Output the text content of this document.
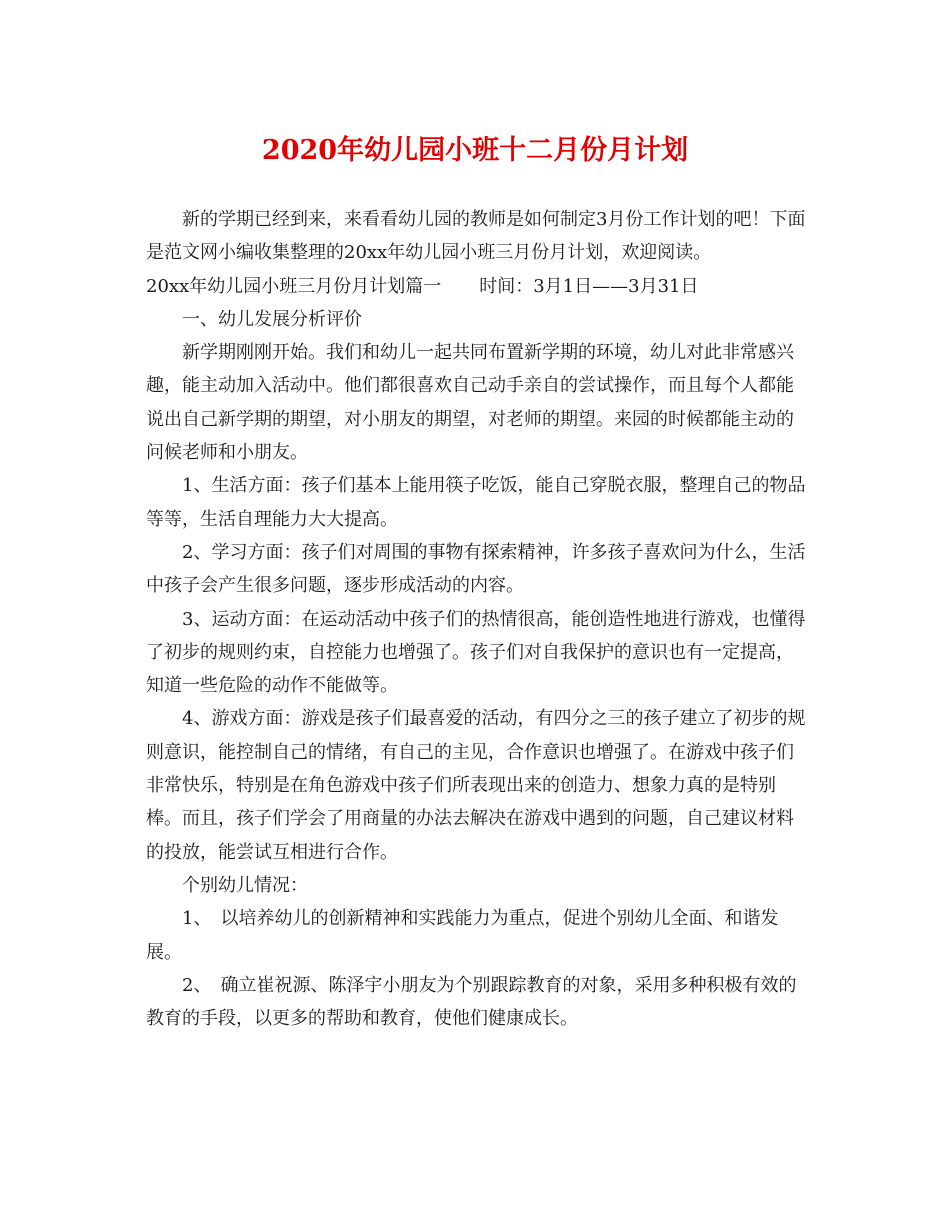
2020年幼儿园小班十二月份月计划

新的学期已经到来，来看看幼儿园的教师是如何制定3月份工作计划的吧！下面是范文网小编收集整理的20xx年幼儿园小班三月份月计划，欢迎阅读。

20xx年幼儿园小班三月份月计划篇一 时间：3月1日——3月31日

一、幼儿发展分析评价

新学期刚刚开始。我们和幼儿一起共同布置新学期的环境，幼儿对此非常感兴趣，能主动加入活动中。他们都很喜欢自己动手亲自的尝试操作，而且每个人都能说出自己新学期的期望，对小朋友的期望，对老师的期望。来园的时候都能主动的问候老师和小朋友。

1、生活方面：孩子们基本上能用筷子吃饭，能自己穿脱衣服，整理自己的物品等等，生活自理能力大大提高。

2、学习方面：孩子们对周围的事物有探索精神，许多孩子喜欢问为什么，生活中孩子会产生很多问题，逐步形成活动的内容。

3、运动方面：在运动活动中孩子们的热情很高，能创造性地进行游戏，也懂得了初步的规则约束，自控能力也增强了。孩子们对自我保护的意识也有一定提高，知道一些危险的动作不能做等。

4、游戏方面：游戏是孩子们最喜爱的活动，有四分之三的孩子建立了初步的规则意识，能控制自己的情绪，有自己的主见，合作意识也增强了。在游戏中孩子们非常快乐，特别是在角色游戏中孩子们所表现出来的创造力、想象力真的是特别棒。而且，孩子们学会了用商量的办法去解决在游戏中遇到的问题，自己建议材料的投放，能尝试互相进行合作。

个别幼儿情况：

1、　以培养幼儿的创新精神和实践能力为重点，促进个别幼儿全面、和谐发展。

2、　确立崔祝源、陈泽宇小朋友为个别跟踪教育的对象，采用多种积极有效的教育的手段，以更多的帮助和教育，使他们健康成长。
